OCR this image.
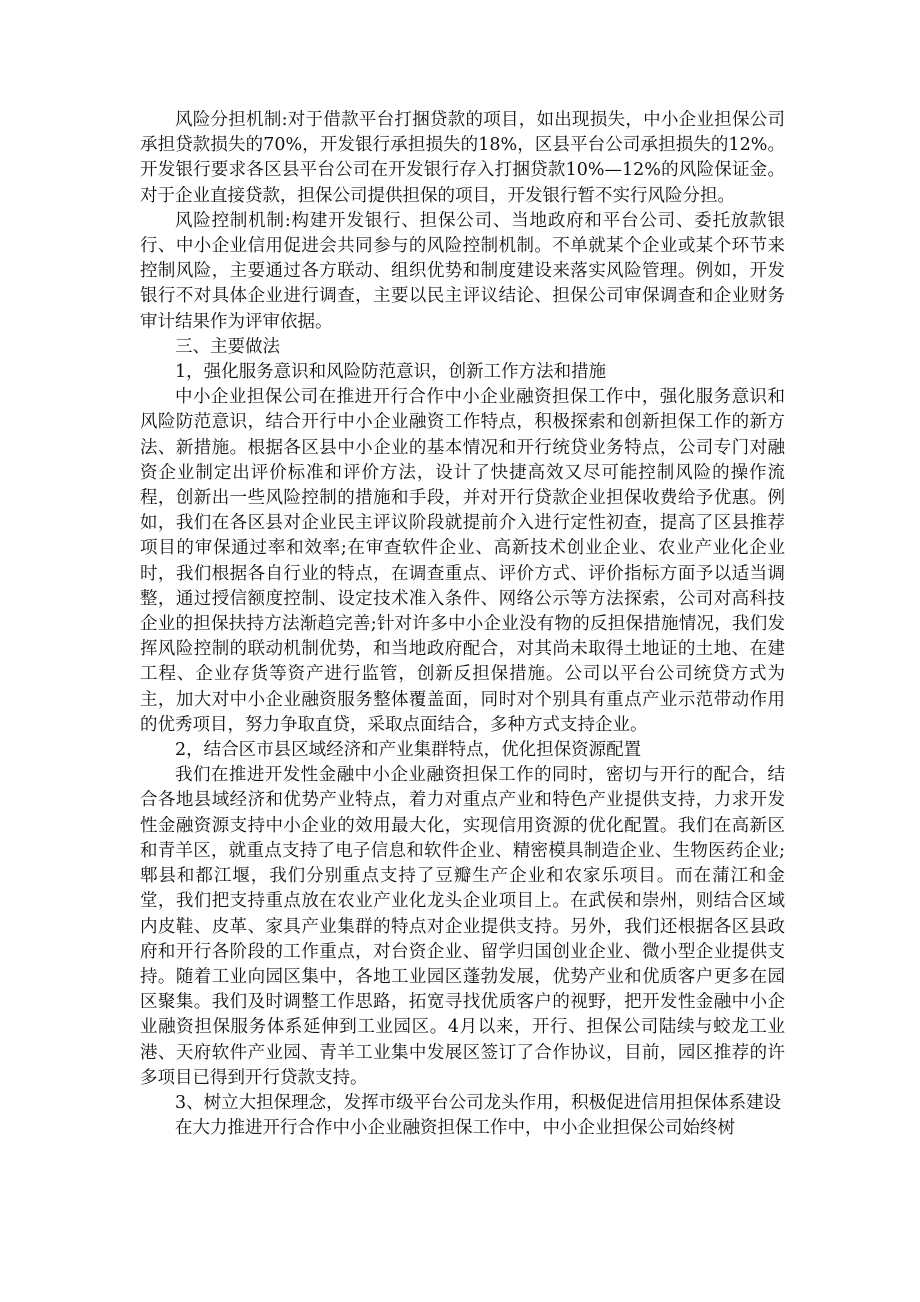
风险分担机制:对于借款平台打捆贷款的项目，如出现损失，中小企业担保公司承担贷款损失的70%，开发银行承担损失的18%，区县平台公司承担损失的12%。开发银行要求各区县平台公司在开发银行存入打捆贷款10%—12%的风险保证金。对于企业直接贷款，担保公司提供担保的项目，开发银行暂不实行风险分担。

风险控制机制:构建开发银行、担保公司、当地政府和平台公司、委托放款银行、中小企业信用促进会共同参与的风险控制机制。不单就某个企业或某个环节来控制风险，主要通过各方联动、组织优势和制度建设来落实风险管理。例如，开发银行不对具体企业进行调查，主要以民主评议结论、担保公司审保调查和企业财务审计结果作为评审依据。

三、主要做法

1，强化服务意识和风险防范意识，创新工作方法和措施

中小企业担保公司在推进开行合作中小企业融资担保工作中，强化服务意识和风险防范意识，结合开行中小企业融资工作特点，积极探索和创新担保工作的新方法、新措施。根据各区县中小企业的基本情况和开行统贷业务特点，公司专门对融资企业制定出评价标准和评价方法，设计了快捷高效又尽可能控制风险的操作流程，创新出一些风险控制的措施和手段，并对开行贷款企业担保收费给予优惠。例如，我们在各区县对企业民主评议阶段就提前介入进行定性初查，提高了区县推荐项目的审保通过率和效率;在审查软件企业、高新技术创业企业、农业产业化企业时，我们根据各自行业的特点，在调查重点、评价方式、评价指标方面予以适当调整，通过授信额度控制、设定技术准入条件、网络公示等方法探索，公司对高科技企业的担保扶持方法渐趋完善;针对许多中小企业没有物的反担保措施情况，我们发挥风险控制的联动机制优势，和当地政府配合，对其尚未取得土地证的土地、在建工程、企业存货等资产进行监管，创新反担保措施。公司以平台公司统贷方式为主，加大对中小企业融资服务整体覆盖面，同时对个别具有重点产业示范带动作用的优秀项目，努力争取直贷，采取点面结合，多种方式支持企业。

2，结合区市县区域经济和产业集群特点，优化担保资源配置

我们在推进开发性金融中小企业融资担保工作的同时，密切与开行的配合，结合各地县域经济和优势产业特点，着力对重点产业和特色产业提供支持，力求开发性金融资源支持中小企业的效用最大化，实现信用资源的优化配置。我们在高新区和青羊区，就重点支持了电子信息和软件企业、精密模具制造企业、生物医药企业;郫县和都江堰，我们分别重点支持了豆瓣生产企业和农家乐项目。而在蒲江和金堂，我们把支持重点放在农业产业化龙头企业项目上。在武侯和崇州，则结合区域内皮鞋、皮革、家具产业集群的特点对企业提供支持。另外，我们还根据各区县政府和开行各阶段的工作重点，对台资企业、留学归国创业企业、微小型企业提供支持。随着工业向园区集中，各地工业园区蓬勃发展，优势产业和优质客户更多在园区聚集。我们及时调整工作思路，拓宽寻找优质客户的视野，把开发性金融中小企业融资担保服务体系延伸到工业园区。4月以来，开行、担保公司陆续与蛟龙工业港、天府软件产业园、青羊工业集中发展区签订了合作协议，目前，园区推荐的许多项目已得到开行贷款支持。

3、树立大担保理念，发挥市级平台公司龙头作用，积极促进信用担保体系建设

在大力推进开行合作中小企业融资担保工作中，中小企业担保公司始终树
